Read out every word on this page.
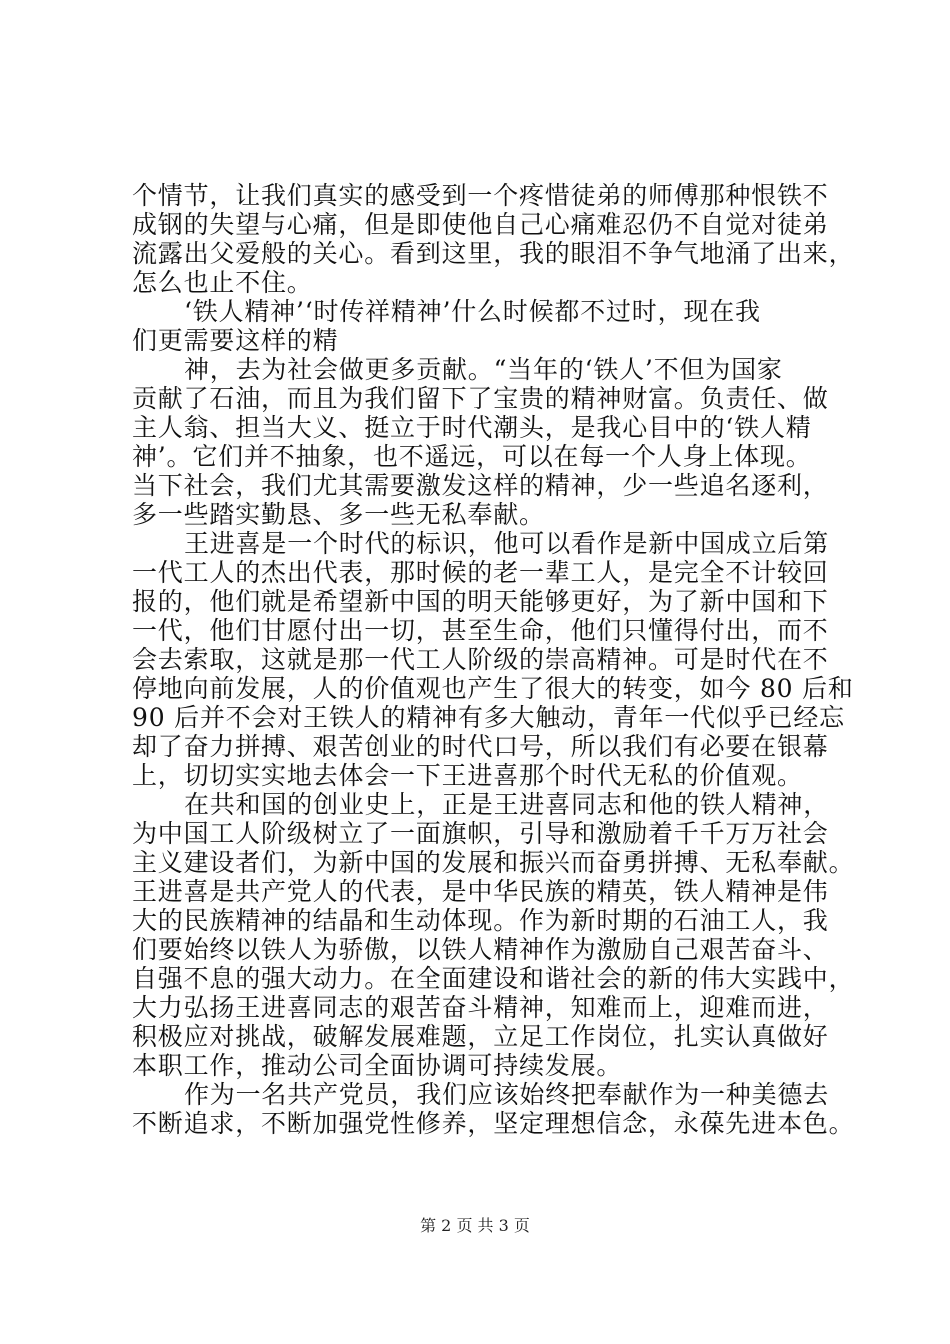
个情节，让我们真实的感受到一个疼惜徒弟的师傅那种恨铁不
成钢的失望与心痛，但是即使他自己心痛难忍仍不自觉对徒弟
流露出父爱般的关心。看到这里，我的眼泪不争气地涌了出来，
怎么也止不住。
‘铁人精神’‘时传祥精神’什么时候都不过时，现在我
们更需要这样的精
神，去为社会做更多贡献。“当年的‘铁人’不但为国家
贡献了石油，而且为我们留下了宝贵的精神财富。负责任、做
主人翁、担当大义、挺立于时代潮头，是我心目中的‘铁人精
神’。它们并不抽象，也不遥远，可以在每一个人身上体现。
当下社会，我们尤其需要激发这样的精神，少一些追名逐利，
多一些踏实勤恳、多一些无私奉献。
王进喜是一个时代的标识，他可以看作是新中国成立后第
一代工人的杰出代表，那时候的老一辈工人，是完全不计较回
报的，他们就是希望新中国的明天能够更好，为了新中国和下
一代，他们甘愿付出一切，甚至生命，他们只懂得付出，而不
会去索取，这就是那一代工人阶级的崇高精神。可是时代在不
停地向前发展，人的价值观也产生了很大的转变，如今 80 后和
90 后并不会对王铁人的精神有多大触动，青年一代似乎已经忘
却了奋力拼搏、艰苦创业的时代口号，所以我们有必要在银幕
上，切切实实地去体会一下王进喜那个时代无私的价值观。
在共和国的创业史上，正是王进喜同志和他的铁人精神，
为中国工人阶级树立了一面旗帜，引导和激励着千千万万社会
主义建设者们，为新中国的发展和振兴而奋勇拼搏、无私奉献。
王进喜是共产党人的代表，是中华民族的精英，铁人精神是伟
大的民族精神的结晶和生动体现。作为新时期的石油工人，我
们要始终以铁人为骄傲，以铁人精神作为激励自己艰苦奋斗、
自强不息的强大动力。在全面建设和谐社会的新的伟大实践中，
大力弘扬王进喜同志的艰苦奋斗精神，知难而上，迎难而进，
积极应对挑战，破解发展难题，立足工作岗位，扎实认真做好
本职工作，推动公司全面协调可持续发展。
作为一名共产党员，我们应该始终把奉献作为一种美德去
不断追求，不断加强党性修养，坚定理想信念，永葆先进本色。
第 2 页 共 3 页
